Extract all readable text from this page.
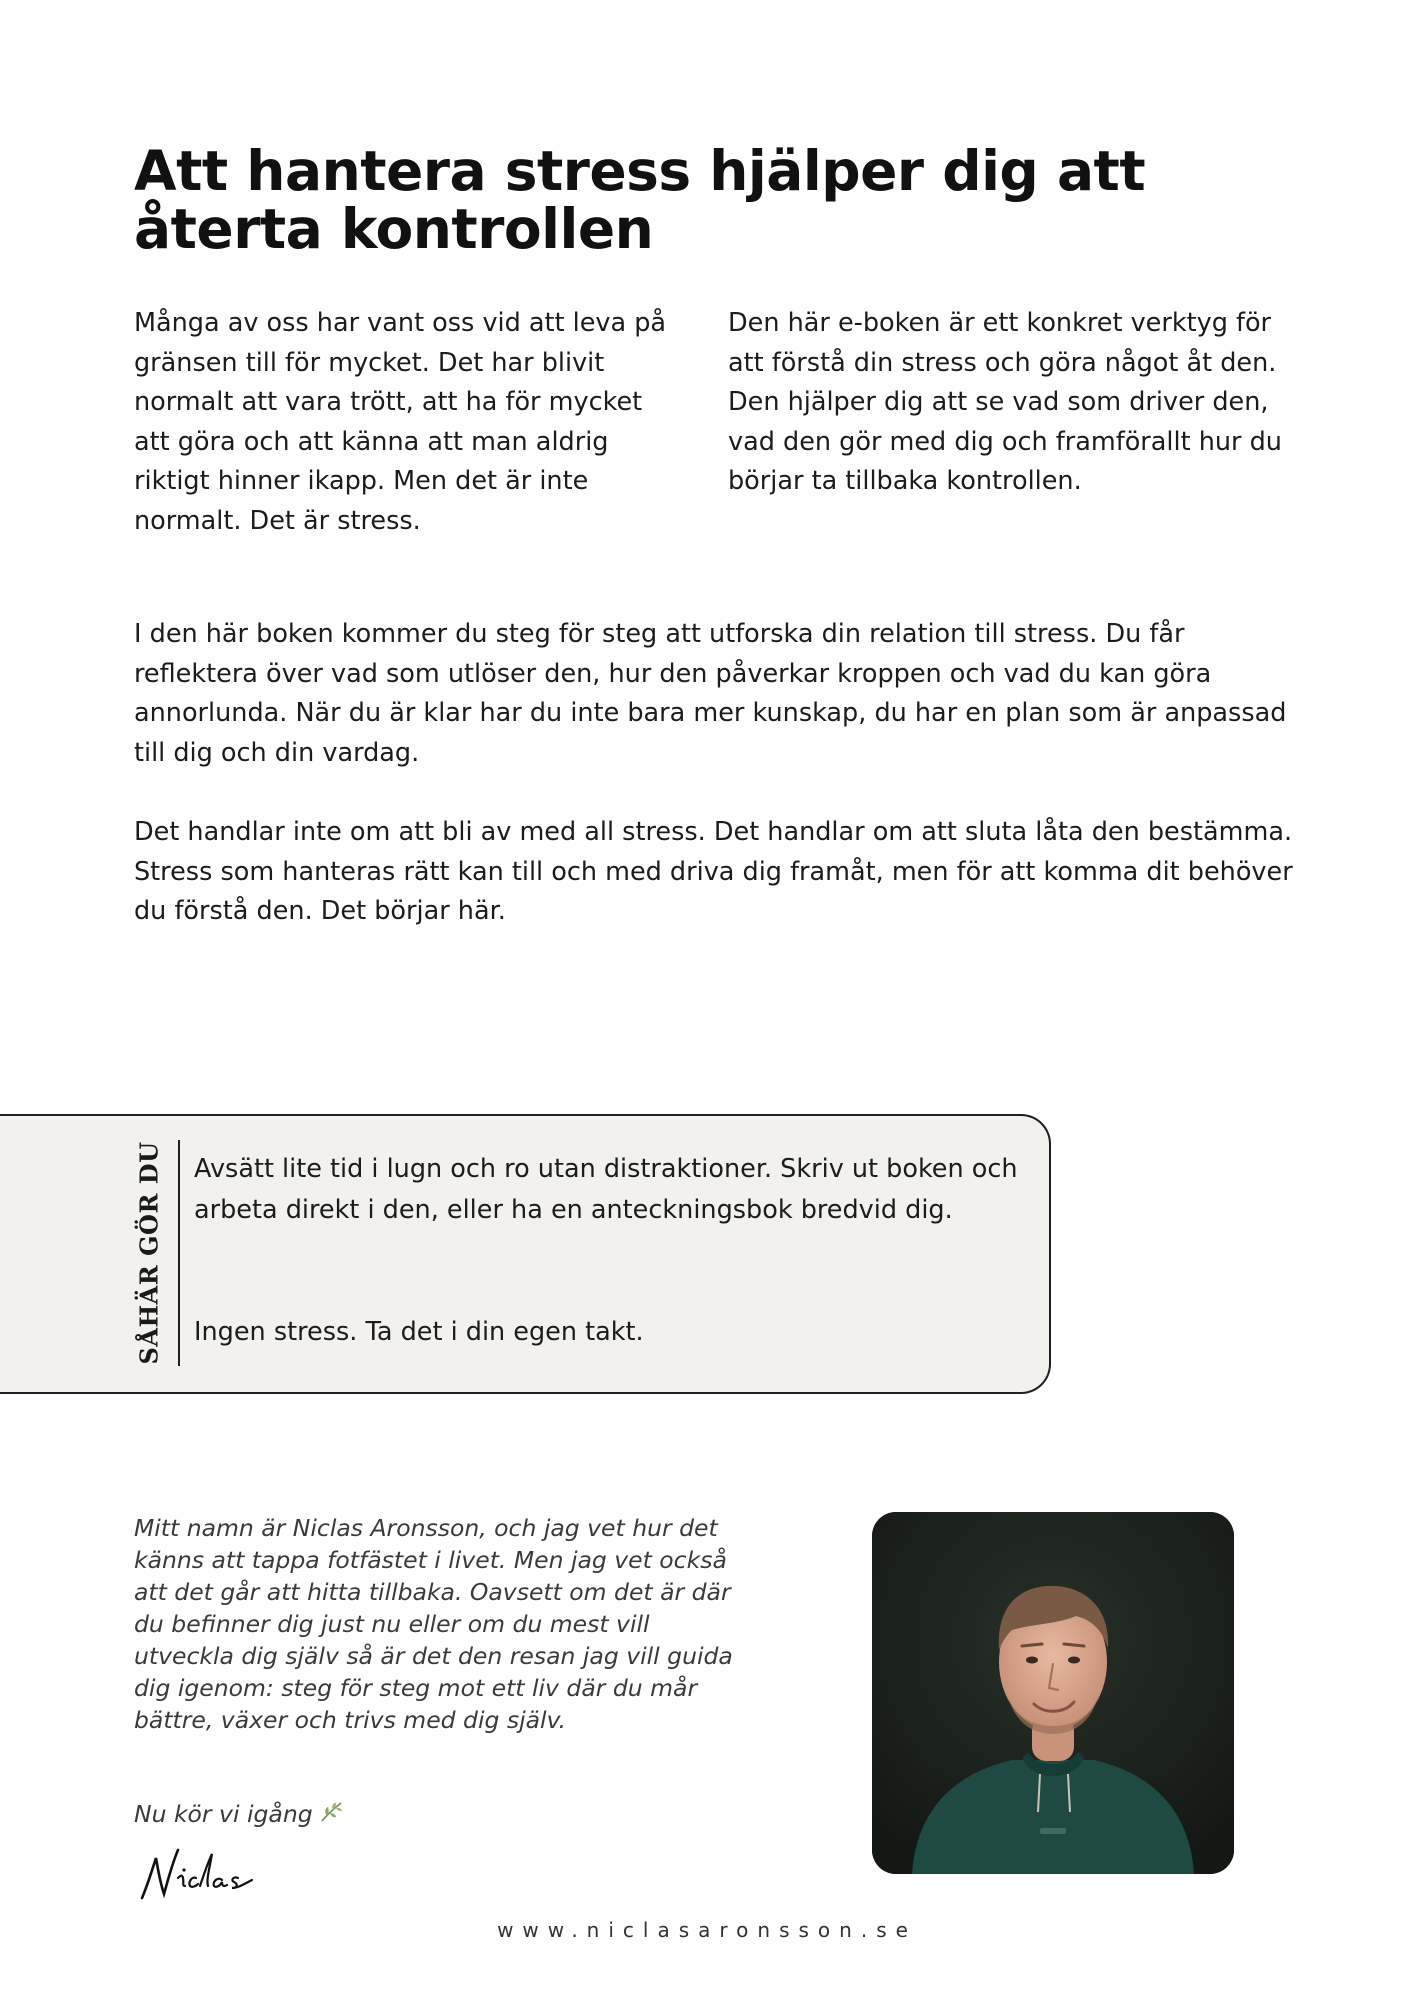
Att hantera stress hjälper dig att
återta kontrollen

Många av oss har vant oss vid att leva på gränsen till för mycket. Det har blivit normalt att vara trött, att ha för mycket att göra och att känna att man aldrig riktigt hinner ikapp. Men det är inte normalt. Det är stress.

Den här e-boken är ett konkret verktyg för att förstå din stress och göra något åt den. Den hjälper dig att se vad som driver den, vad den gör med dig och framförallt hur du börjar ta tillbaka kontrollen.

I den här boken kommer du steg för steg att utforska din relation till stress. Du får reflektera över vad som utlöser den, hur den påverkar kroppen och vad du kan göra annorlunda. När du är klar har du inte bara mer kunskap, du har en plan som är anpassad till dig och din vardag.

Det handlar inte om att bli av med all stress. Det handlar om att sluta låta den bestämma. Stress som hanteras rätt kan till och med driva dig framåt, men för att komma dit behöver du förstå den. Det börjar här.

SÅHÄR GÖR DU Avsätt lite tid i lugn och ro utan distraktioner. Skriv ut boken och arbeta direkt i den, eller ha en anteckningsbok bredvid dig.

Ingen stress. Ta det i din egen takt.

Mitt namn är Niclas Aronsson, och jag vet hur det känns att tappa fotfästet i livet. Men jag vet också att det går att hitta tillbaka. Oavsett om det är där du befinner dig just nu eller om du mest vill utveckla dig själv så är det den resan jag vill guida dig igenom: steg för steg mot ett liv där du mår bättre, växer och trivs med dig själv.

Nu kör vi igång

www.niclasaronsson.se
